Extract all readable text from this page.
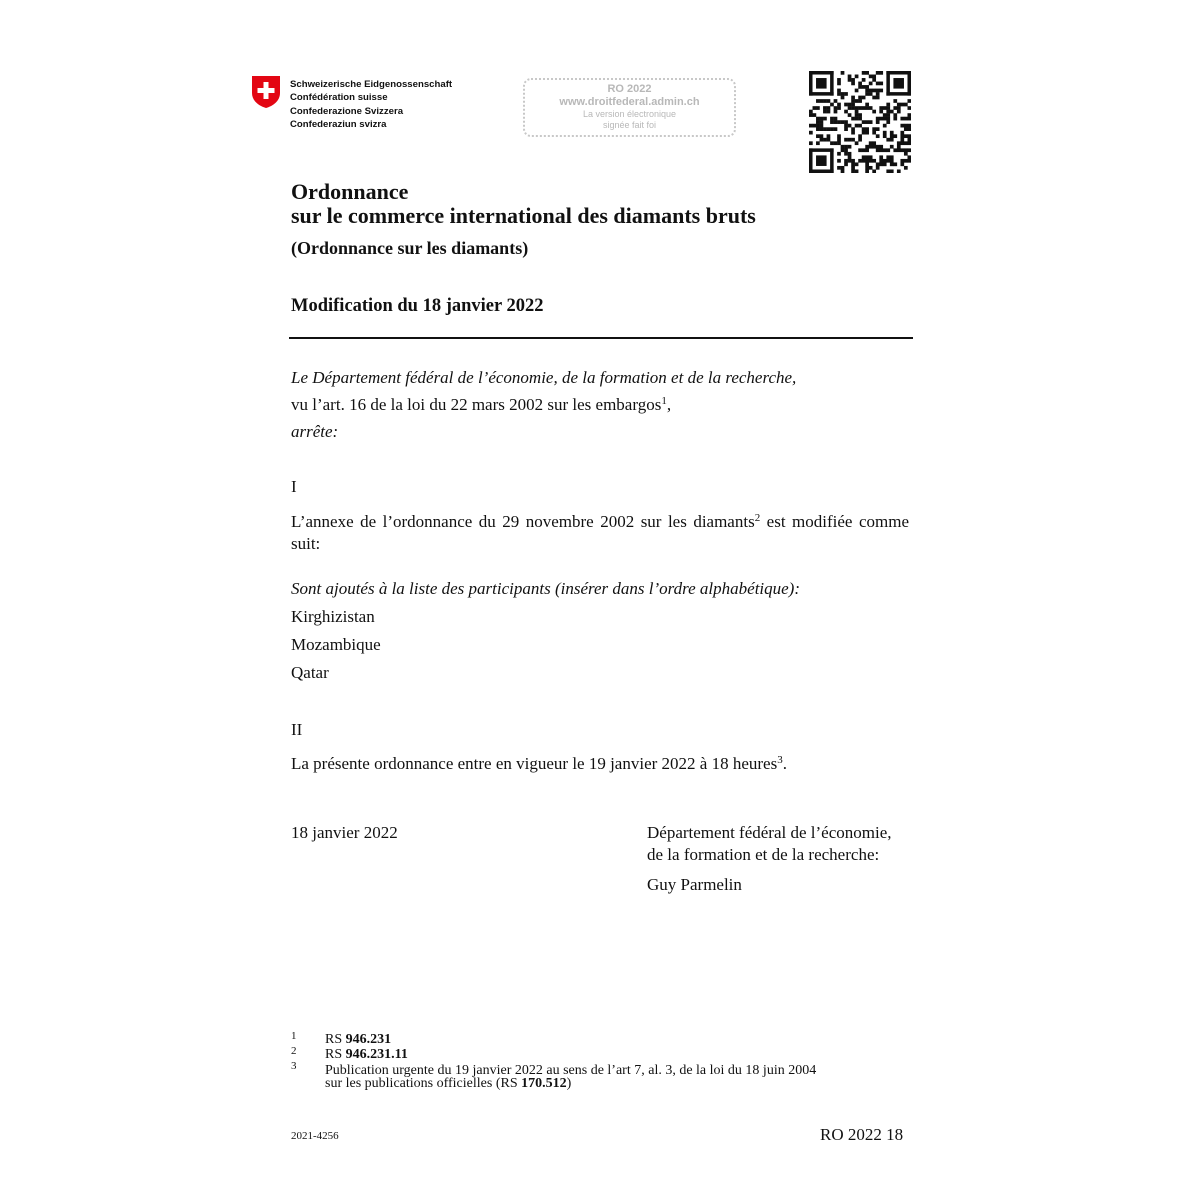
Schweizerische Eidgenossenschaft
Confédération suisse
Confederazione Svizzera
Confederaziun svizra
RO 2022
www.droitfederal.admin.ch
La version électronique
signée fait foi
Ordonnance
sur le commerce international des diamants bruts
(Ordonnance sur les diamants)
Modification du 18 janvier 2022
Le Département fédéral de l’économie, de la formation et de la recherche,
vu l’art. 16 de la loi du 22 mars 2002 sur les embargos$^1$,
arrête:
I
L’annexe de l’ordonnance du 29 novembre 2002 sur les diamants$^2$ est modifiée comme suit:
Sont ajoutés à la liste des participants (insérer dans l’ordre alphabétique):
Kirghizistan
Mozambique
Qatar
II
La présente ordonnance entre en vigueur le 19 janvier 2022 à 18 heures$^3$.
18 janvier 2022	Département fédéral de l’économie,
de la formation et de la recherche:
Guy Parmelin
1 RS 946.231
2 RS 946.231.11
3 Publication urgente du 19 janvier 2022 au sens de l’art 7, al. 3, de la loi du 18 juin 2004
sur les publications officielles (RS 170.512)
2021-4256	RO 2022 18
